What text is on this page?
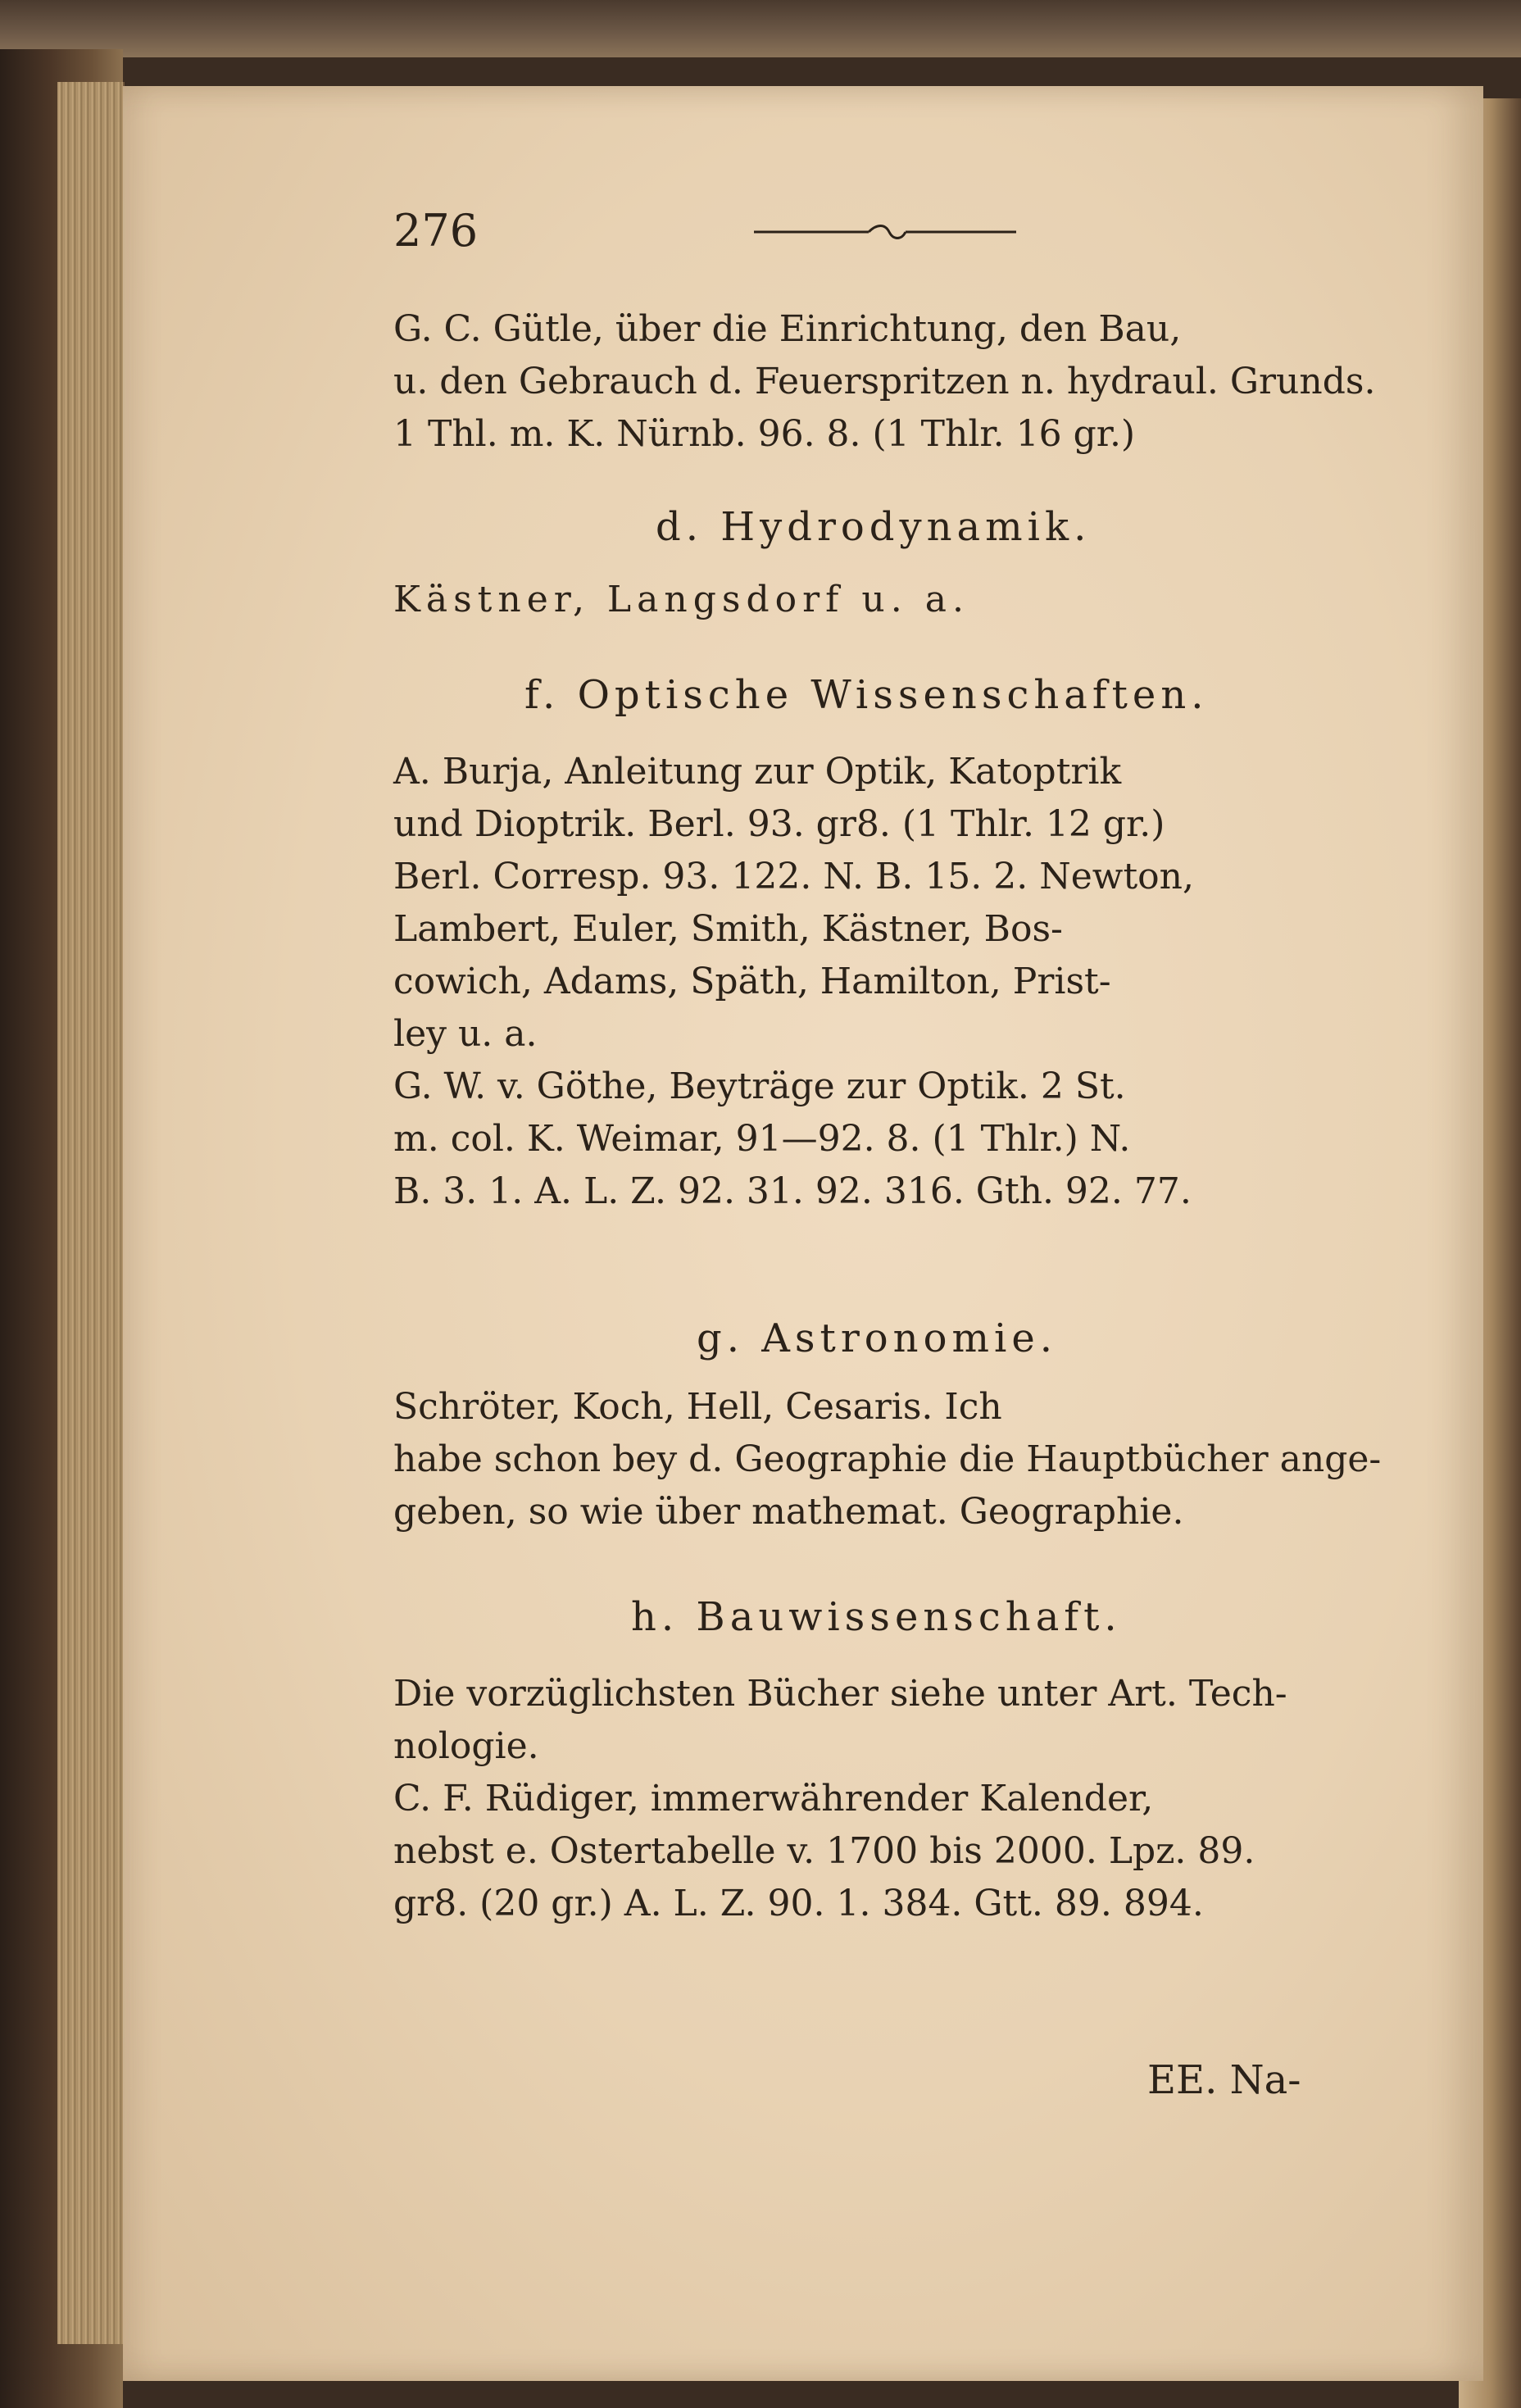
276
G. C. Gütle, über die Einrichtung, den Bau,
u. den Gebrauch d. Feuerspritzen n. hydraul. Grunds.
1 Thl. m. K. Nürnb. 96. 8. (1 Thlr. 16 gr.)
d. Hydrodynamik.
Kästner, Langsdorf u. a.
f. Optische Wissenschaften.
A. Burja, Anleitung zur Optik, Katoptrik
und Dioptrik. Berl. 93. gr8. (1 Thlr. 12 gr.)
Berl. Corresp. 93. 122. N. B. 15. 2. Newton,
Lambert, Euler, Smith, Kästner, Bos-
cowich, Adams, Späth, Hamilton, Prist-
ley u. a.
G. W. v. Göthe, Beyträge zur Optik. 2 St.
m. col. K. Weimar, 91—92. 8. (1 Thlr.) N.
B. 3. 1. A. L. Z. 92. 31. 92. 316. Gth. 92. 77.
g. Astronomie.
Schröter, Koch, Hell, Cesaris. Ich
habe schon bey d. Geographie die Hauptbücher ange-
geben, so wie über mathemat. Geographie.
h. Bauwissenschaft.
Die vorzüglichsten Bücher siehe unter Art. Tech-
nologie.
C. F. Rüdiger, immerwährender Kalender,
nebst e. Ostertabelle v. 1700 bis 2000. Lpz. 89.
gr8. (20 gr.) A. L. Z. 90. 1. 384. Gtt. 89. 894.
EE. Na-
